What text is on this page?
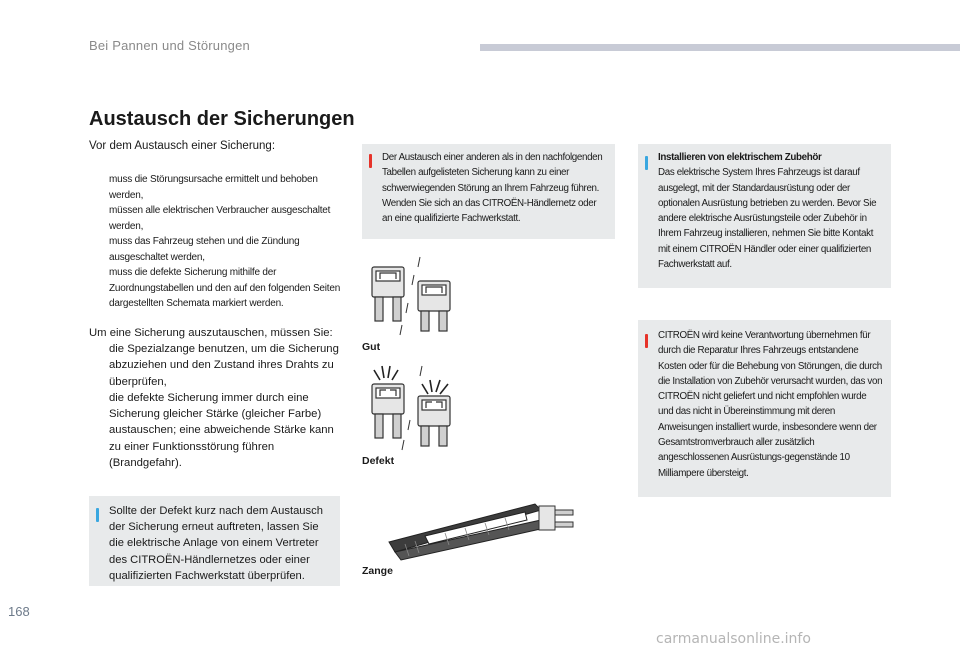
Bei Pannen und Störungen
Austausch der Sicherungen
Vor dem Austausch einer Sicherung:
muss die Störungsursache ermittelt und behoben werden,
müssen alle elektrischen Verbraucher ausgeschaltet werden,
muss das Fahrzeug stehen und die Zündung ausgeschaltet werden,
muss die defekte Sicherung mithilfe der Zuordnungstabellen und den auf den folgenden Seiten dargestellten Schemata markiert werden.
Um eine Sicherung auszutauschen, müssen Sie:
die Spezialzange benutzen, um die Sicherung abzuziehen und den Zustand ihres Drahts zu überprüfen,
die defekte Sicherung immer durch eine Sicherung gleicher Stärke (gleicher Farbe) austauschen; eine abweichende Stärke kann zu einer Funktionsstörung führen (Brandgefahr).
Sollte der Defekt kurz nach dem Austausch der Sicherung erneut auftreten, lassen Sie die elektrische Anlage von einem Vertreter des CITROËN-Händlernetzes oder einer qualifizierten Fachwerkstatt überprüfen.
Der Austausch einer anderen als in den nachfolgenden Tabellen aufgelisteten Sicherung kann zu einer schwerwiegenden Störung an Ihrem Fahrzeug führen. Wenden Sie sich an das CITROËN-Händlernetz oder an eine qualifizierte Fachwerkstatt.
Gut
Defekt
Zange
Installieren von elektrischem Zubehör
Das elektrische System Ihres Fahrzeugs ist darauf ausgelegt, mit der Standardausrüstung oder der optionalen Ausrüstung betrieben zu werden. Bevor Sie andere elektrische Ausrüstungsteile oder Zubehör in Ihrem Fahrzeug installieren, nehmen Sie bitte Kontakt mit einem CITROËN Händler oder einer qualifizierten Fachwerkstatt auf.
CITROËN wird keine Verantwortung übernehmen für durch die Reparatur Ihres Fahrzeugs entstandene Kosten oder für die Behebung von Störungen, die durch die Installation von Zubehör verursacht wurden, das von CITROËN nicht geliefert und nicht empfohlen wurde und das nicht in Übereinstimmung mit deren Anweisungen installiert wurde, insbesondere wenn der Gesamtstromverbrauch aller zusätzlich angeschlossenen Ausrüstungs-gegenstände 10 Milliampere übersteigt.
168
carmanualsonline.info
